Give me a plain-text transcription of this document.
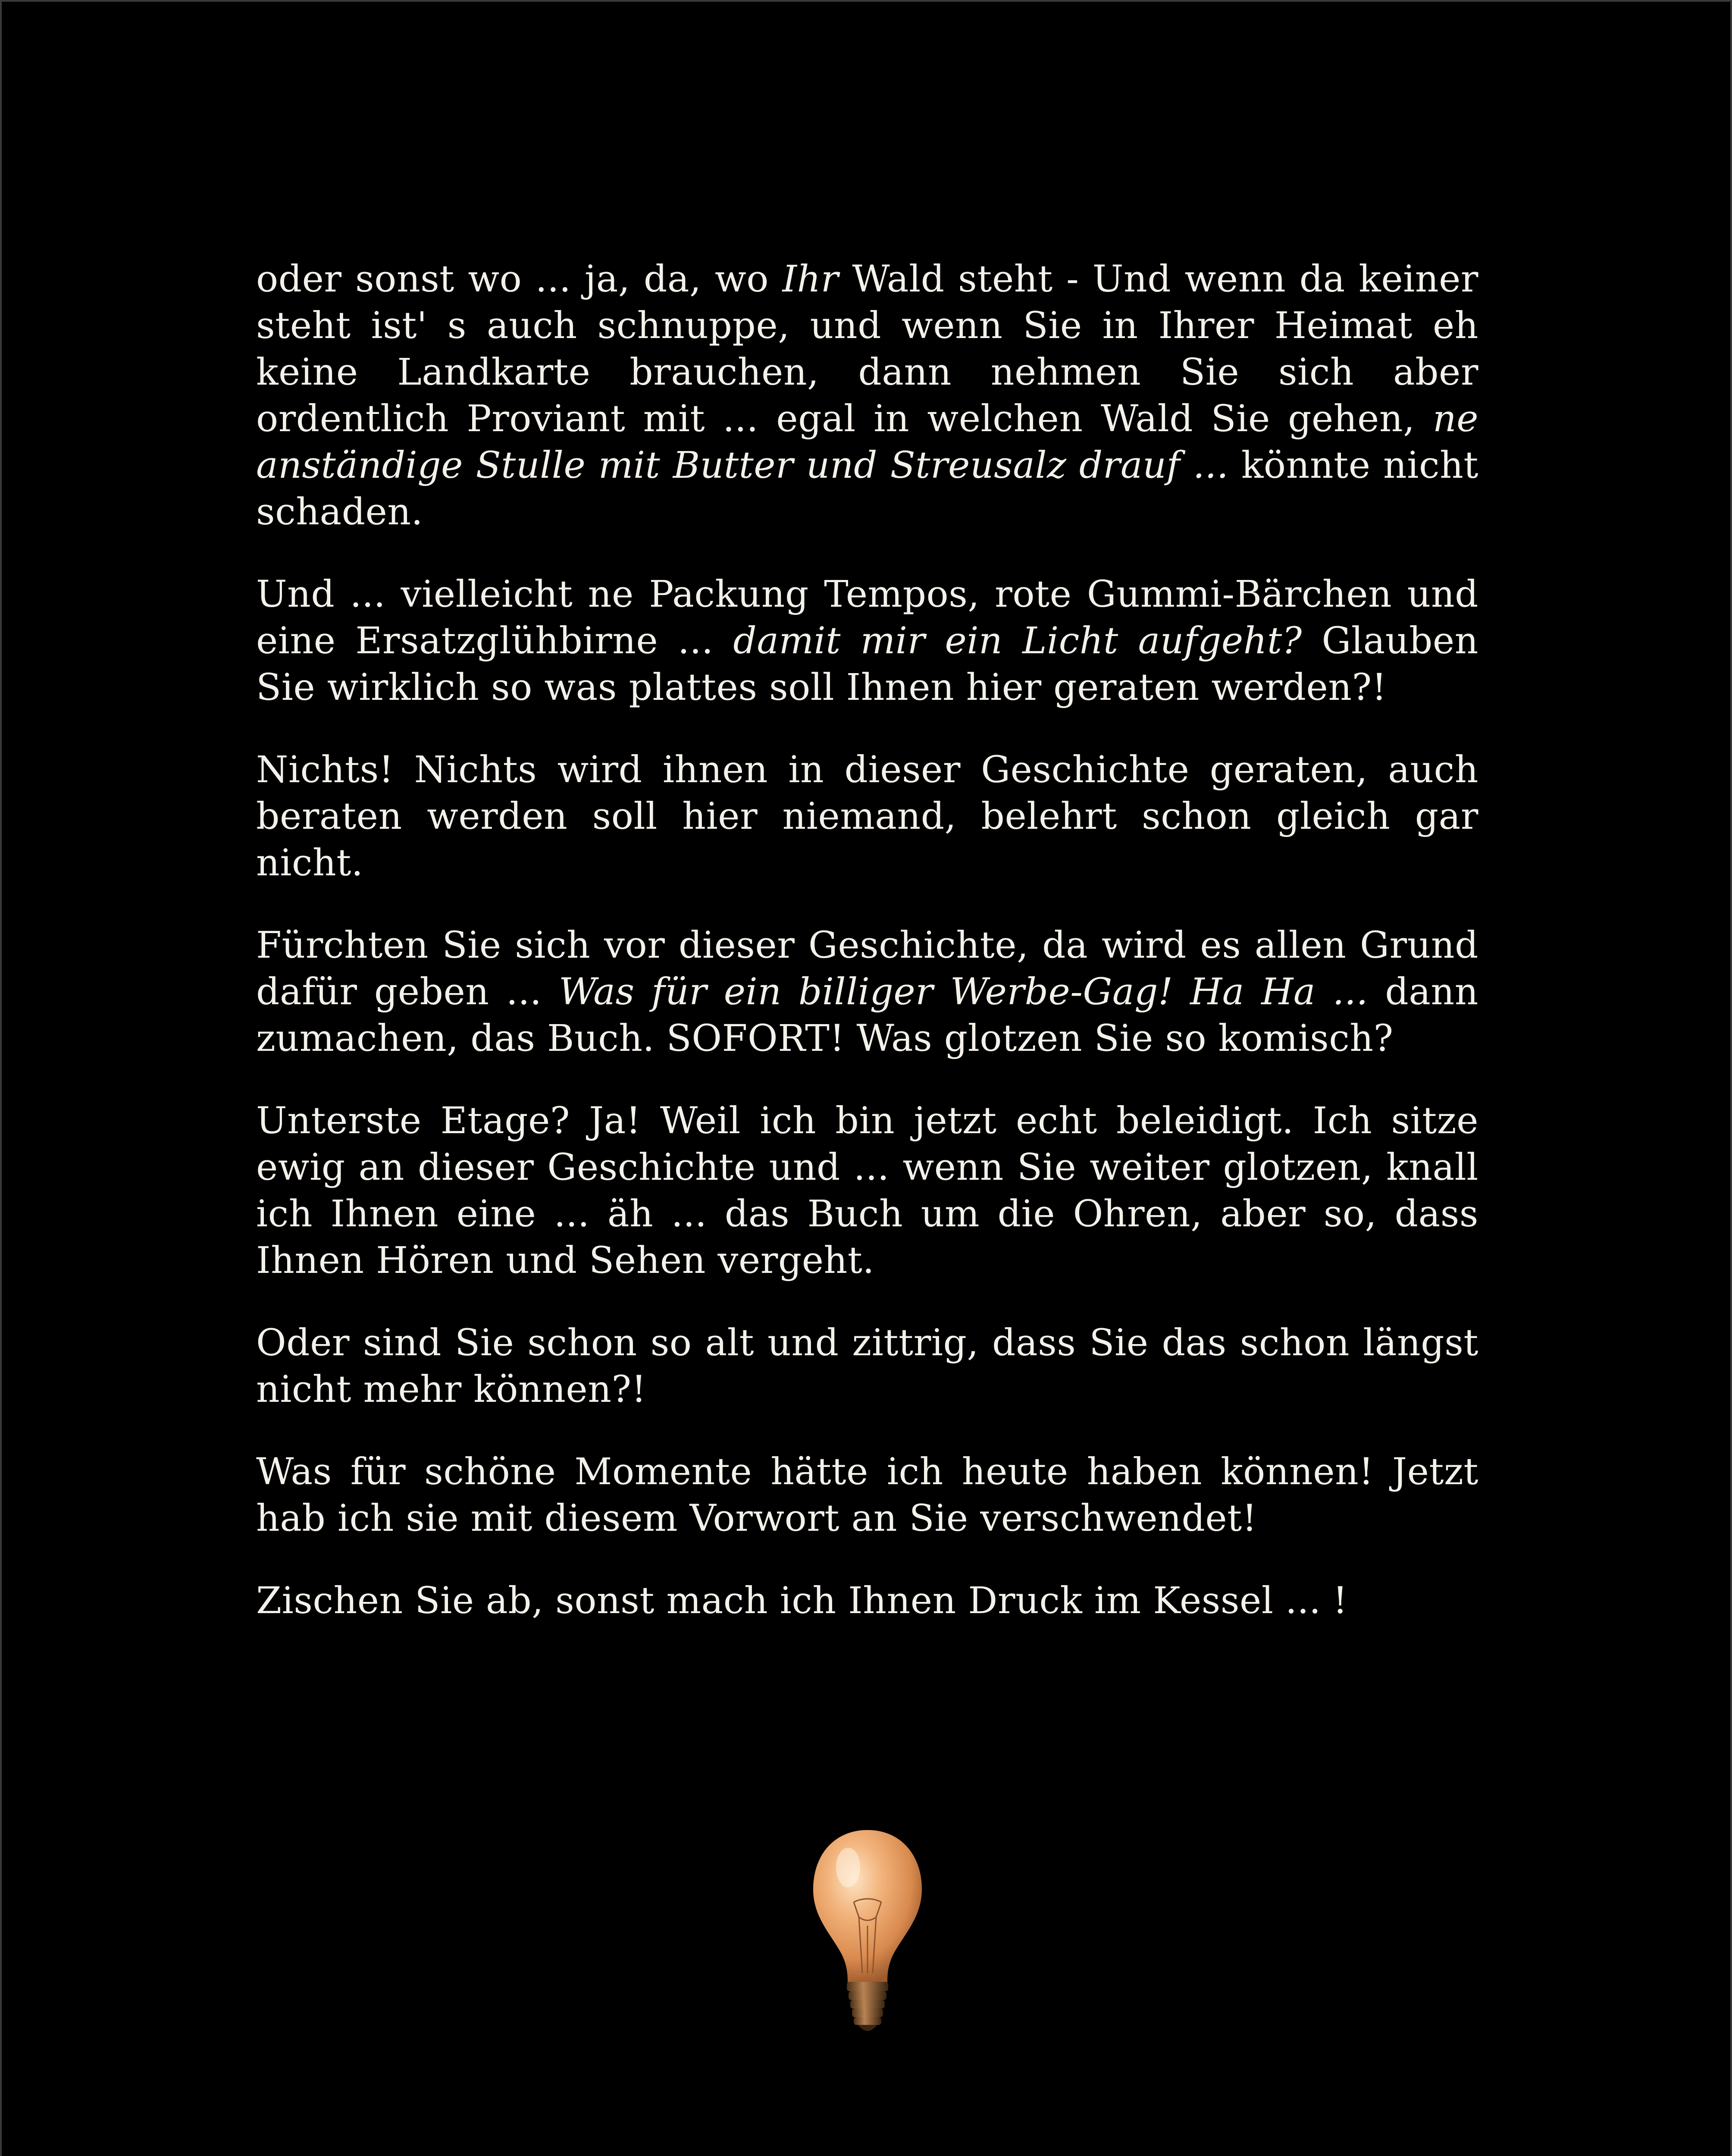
oder sonst wo ... ja, da, wo Ihr Wald steht - Und wenn da keiner steht ist' s auch schnuppe, und wenn Sie in Ihrer Heimat eh keine Landkarte brauchen, dann nehmen Sie sich aber ordentlich Proviant mit ... egal in welchen Wald Sie gehen, ne anständige Stulle mit Butter und Streusalz drauf ... könnte nicht schaden.

Und ... vielleicht ne Packung Tempos, rote Gummi-Bärchen und eine Ersatzglühbirne ... damit mir ein Licht aufgeht? Glauben Sie wirklich so was plattes soll Ihnen hier geraten werden?!

Nichts! Nichts wird ihnen in dieser Geschichte geraten, auch beraten werden soll hier niemand, belehrt schon gleich gar nicht.

Fürchten Sie sich vor dieser Geschichte, da wird es allen Grund dafür geben ... Was für ein billiger Werbe-Gag! Ha Ha ... dann zumachen, das Buch. SOFORT! Was glotzen Sie so komisch?

Unterste Etage? Ja! Weil ich bin jetzt echt beleidigt. Ich sitze ewig an dieser Geschichte und ... wenn Sie weiter glotzen, knall ich Ihnen eine ... äh ... das Buch um die Ohren, aber so, dass Ihnen Hören und Sehen vergeht.

Oder sind Sie schon so alt und zittrig, dass Sie das schon längst nicht mehr können?!

Was für schöne Momente hätte ich heute haben können! Jetzt hab ich sie mit diesem Vorwort an Sie verschwendet!

Zischen Sie ab, sonst mach ich Ihnen Druck im Kessel ... !
